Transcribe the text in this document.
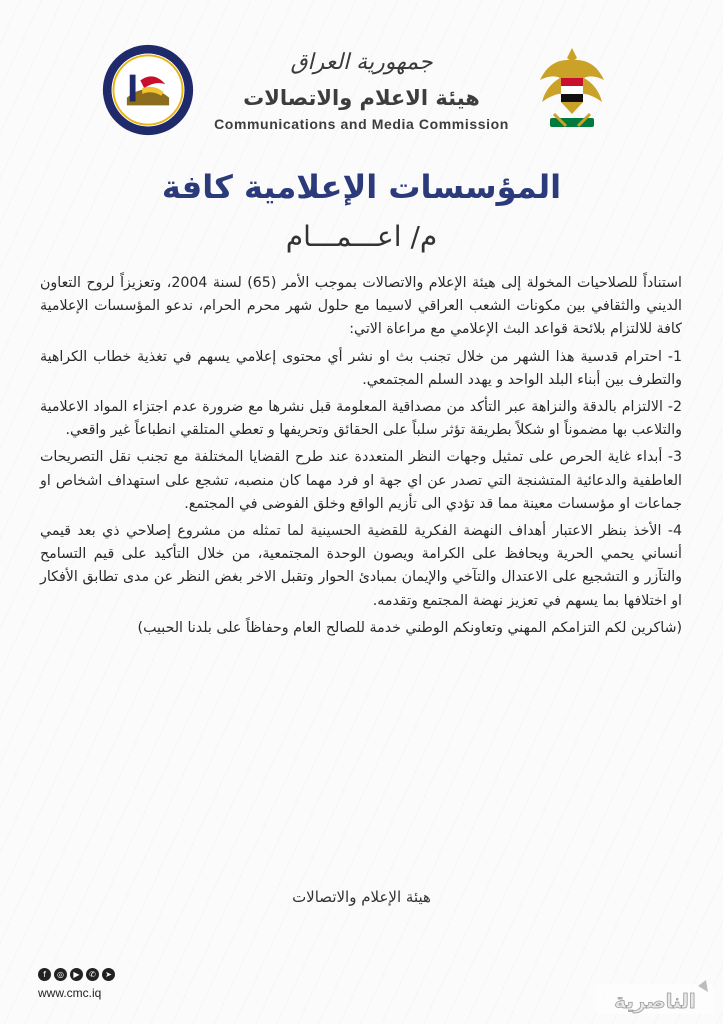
جمهورية العراق
هيئة الاعلام والاتصالات
Communications and Media Commission
المؤسسات الإعلامية كافة
م/ اعـــمـــام

استناداً للصلاحيات المخولة إلى هيئة الإعلام والاتصالات بموجب الأمر (65) لسنة 2004، وتعزيزاً لروح التعاون الديني والثقافي بين مكونات الشعب العراقي لاسيما مع حلول شهر محرم الحرام، ندعو المؤسسات الإعلامية كافة للالتزام بلائحة قواعد البث الإعلامي مع مراعاة الاتي:

1- احترام قدسية هذا الشهر من خلال تجنب بث او نشر أي محتوى إعلامي يسهم في تغذية خطاب الكراهية والتطرف بين أبناء البلد الواحد و يهدد السلم المجتمعي.

2- الالتزام بالدقة والنزاهة عبر التأكد من مصداقية المعلومة قبل نشرها مع ضرورة عدم اجتزاء المواد الاعلامية والتلاعب بها مضموناً او شكلاً بطريقة تؤثر سلباً على الحقائق وتحريفها و تعطي المتلقي انطباعاً غير واقعي.

3- أبداء غاية الحرص على تمثيل وجهات النظر المتعددة عند طرح القضايا المختلفة مع تجنب نقل التصريحات العاطفية والدعائية المتشنجة التي تصدر عن اي جهة او فرد مهما كان منصبه، تشجع على استهداف اشخاص او جماعات او مؤسسات معينة مما قد تؤدي الى تأزيم الواقع وخلق الفوضى في المجتمع.

4- الأخذ بنظر الاعتبار أهداف النهضة الفكرية للقضية الحسينية لما تمثله من مشروع إصلاحي ذي بعد قيمي أنساني يحمي الحرية ويحافظ على الكرامة ويصون الوحدة المجتمعية، من خلال التأكيد على قيم التسامح والتآزر و التشجيع على الاعتدال والتآخي والإيمان بمبادئ الحوار وتقبل الاخر بغض النظر عن مدى تطابق الأفكار او اختلافها بما يسهم في تعزيز نهضة المجتمع وتقدمه.

(شاكرين لكم التزامكم المهني وتعاونكم الوطني خدمة للصالح العام وحفاظاً على بلدنا الحبيب)

هيئة الإعلام والاتصالات
f	◎	▶	✆	➤
www.cmc.iq	الناصرية
